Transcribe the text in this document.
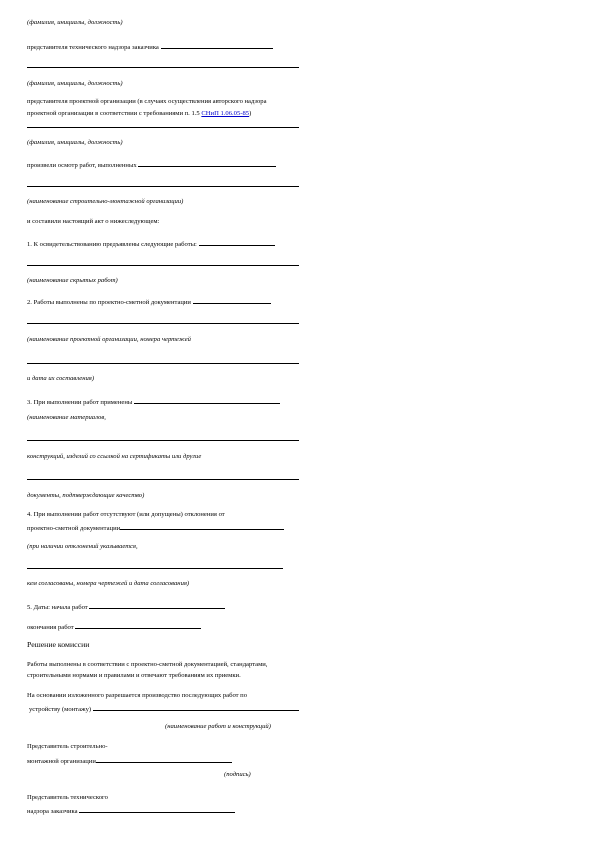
(фамилия, инициалы, должность)
представителя технического надзора заказчика
(фамилия, инициалы, должность)
представителя проектной организации (в случаях осуществления авторского надзора
проектной организации в соответствии с требованиями п. 1.5 СНиП 1.06.05-85)
(фамилия, инициалы, должность)
произвели осмотр работ, выполненных
(наименование строительно-монтажной организации)
и составили настоящий акт о нижеследующем:
1. К освидетельствованию предъявлены следующие работы:
(наименование скрытых работ)
2. Работы выполнены по проектно-сметной документации
(наименование проектной организации, номера чертежей
и дата их составления)
3. При выполнении работ применены
(наименование материалов,
конструкций, изделий со ссылкой на сертификаты или другие
документы, подтверждающие качество)
4. При выполнении работ отсутствуют (или допущены) отклонения от
проектно-сметной документации
(при наличии отклонений указывается,
кем согласованы, номера чертежей и дата согласования)
5. Даты: начала работ
окончания работ
Решение комиссии
Работы выполнены в соответствии с проектно-сметной документацией, стандартами,
строительными нормами и правилами и отвечают требованиям их приемки.
На основании изложенного разрешается производство последующих работ по
устройству (монтажу)
(наименование работ и конструкций)
Представитель строительно-
монтажной организации
(подпись)
Представитель технического
надзора заказчика
